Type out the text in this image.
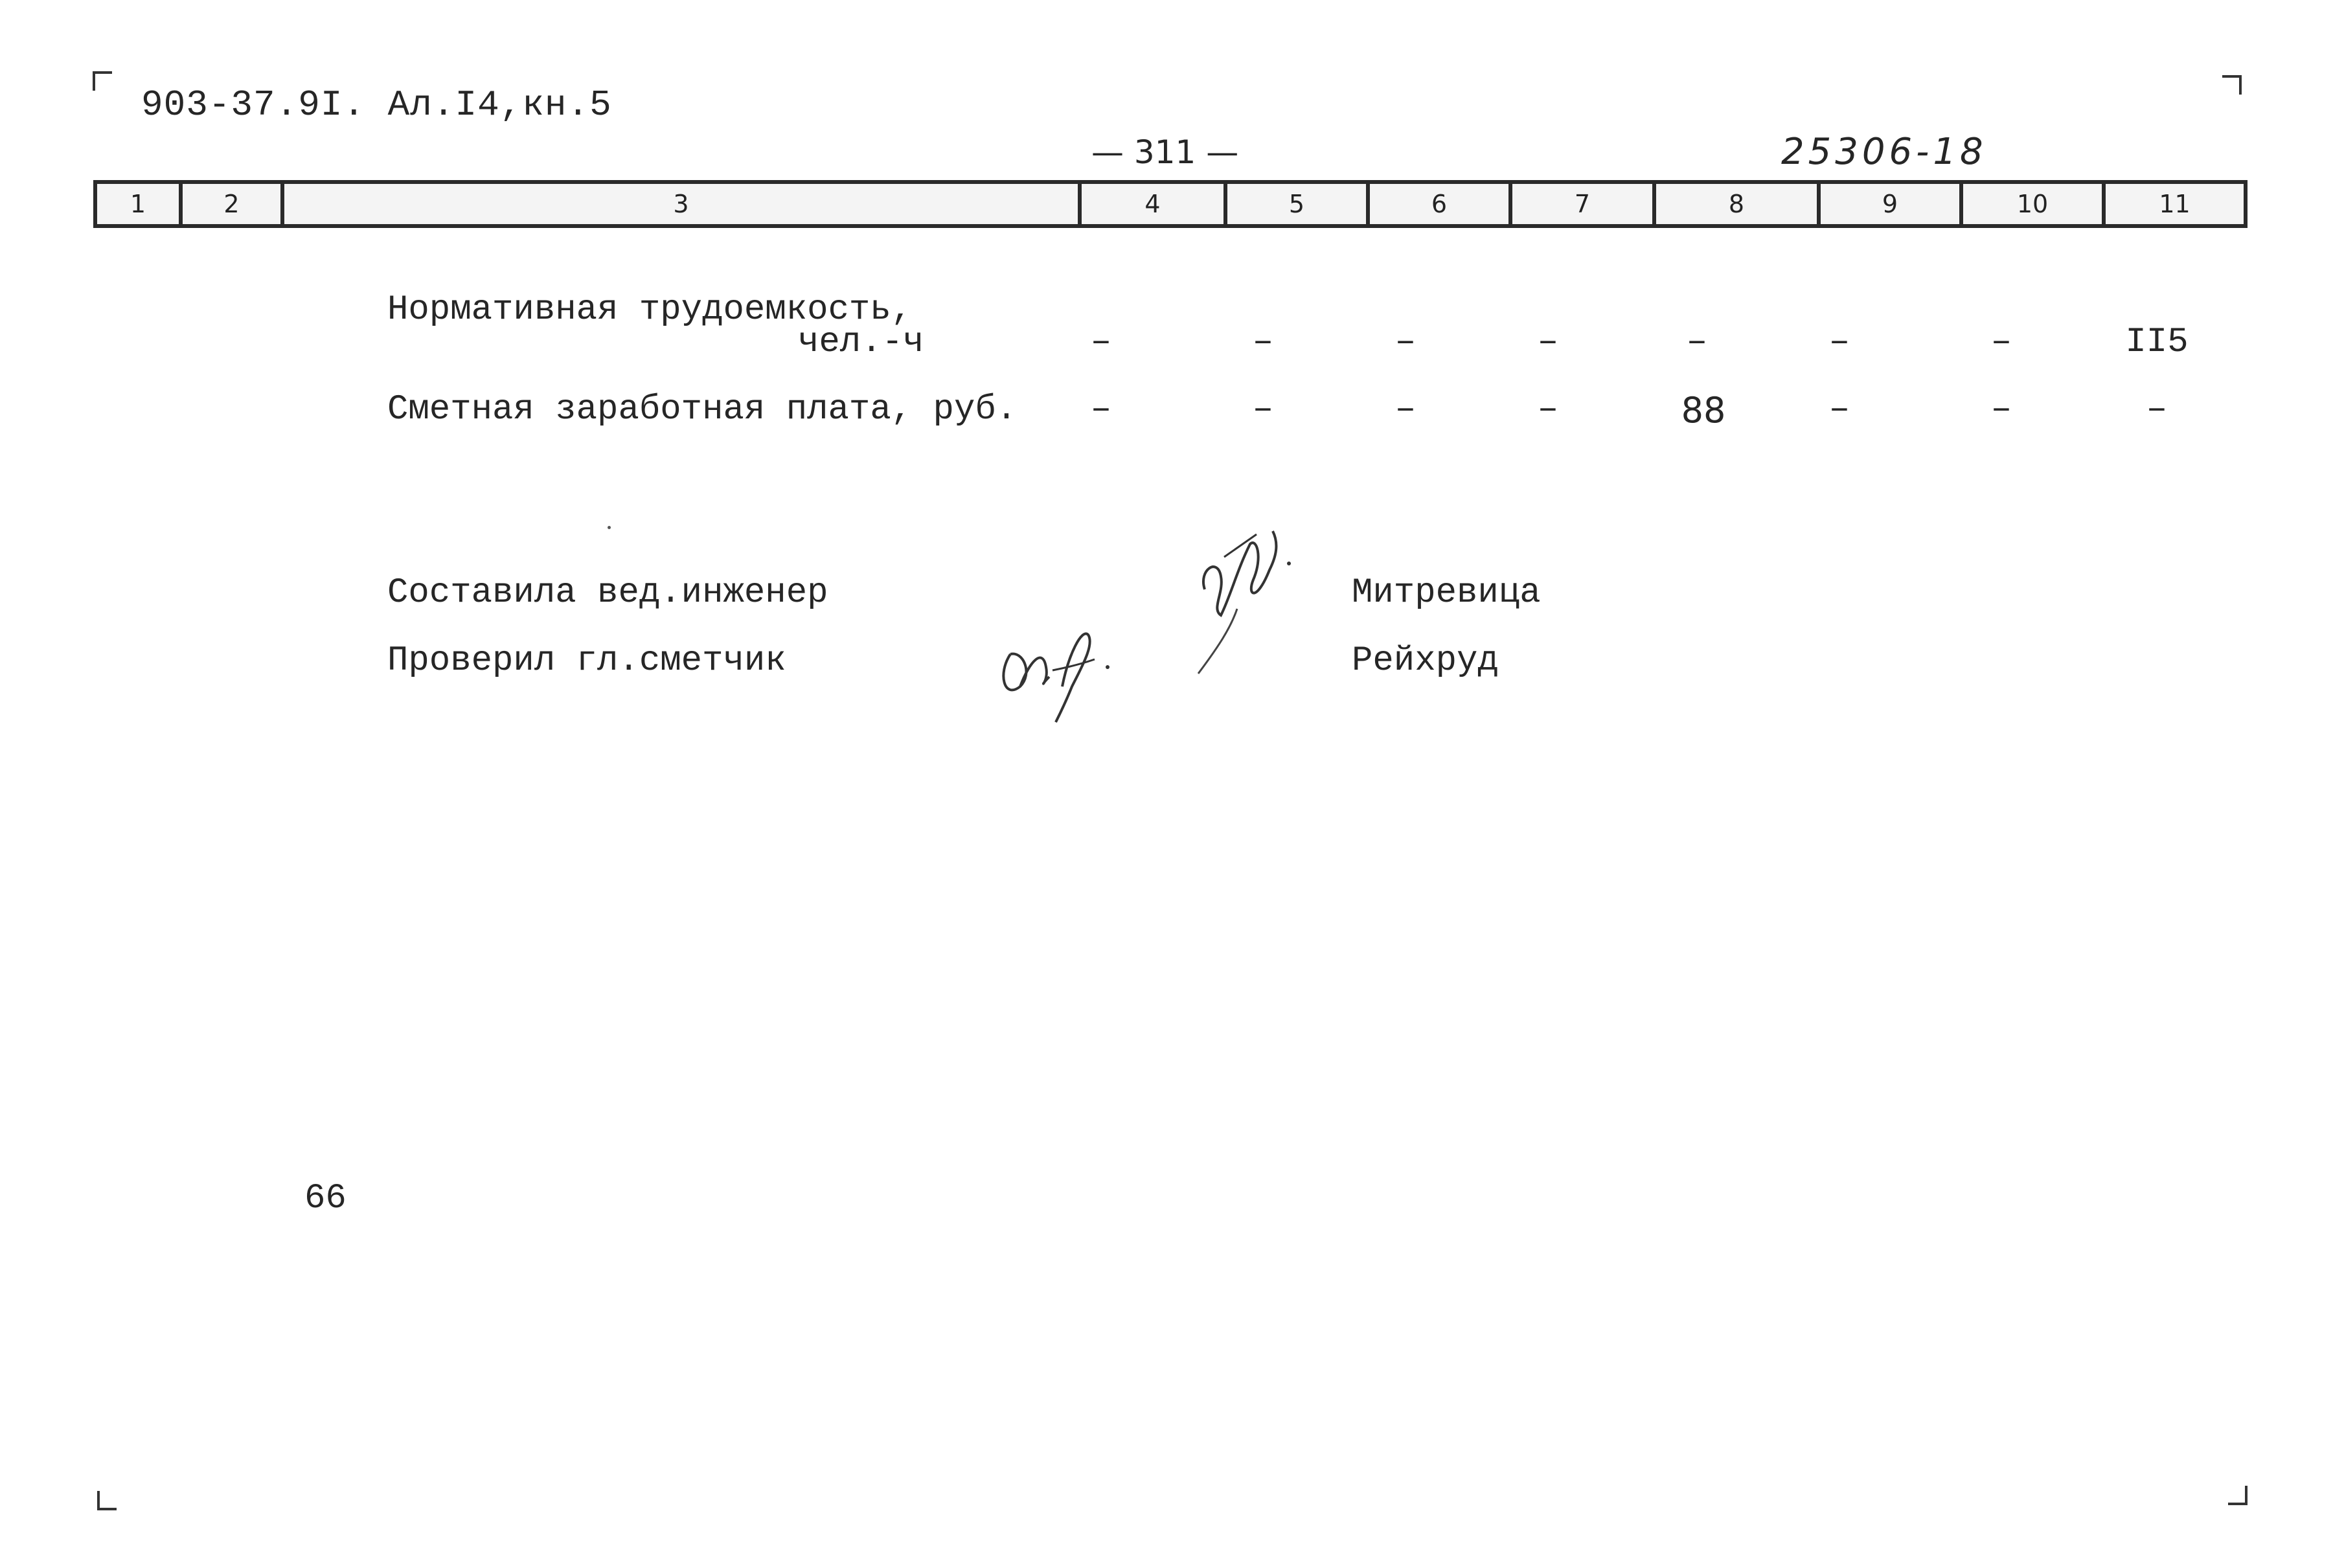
903-37.9I. Ал.I4,кн.5
— 311 —	25306-18
1	2	3	4	5	6	7	8	9	10	11
Нормативная трудоемкость,
чел.-ч	–	–	–	–	–	–	–	II5
Сметная заработная плата, руб.	–	–	–	–	88	–	–	–
Составила вед.инженер	Митревица
Проверил гл.сметчик	Рейхруд
66
